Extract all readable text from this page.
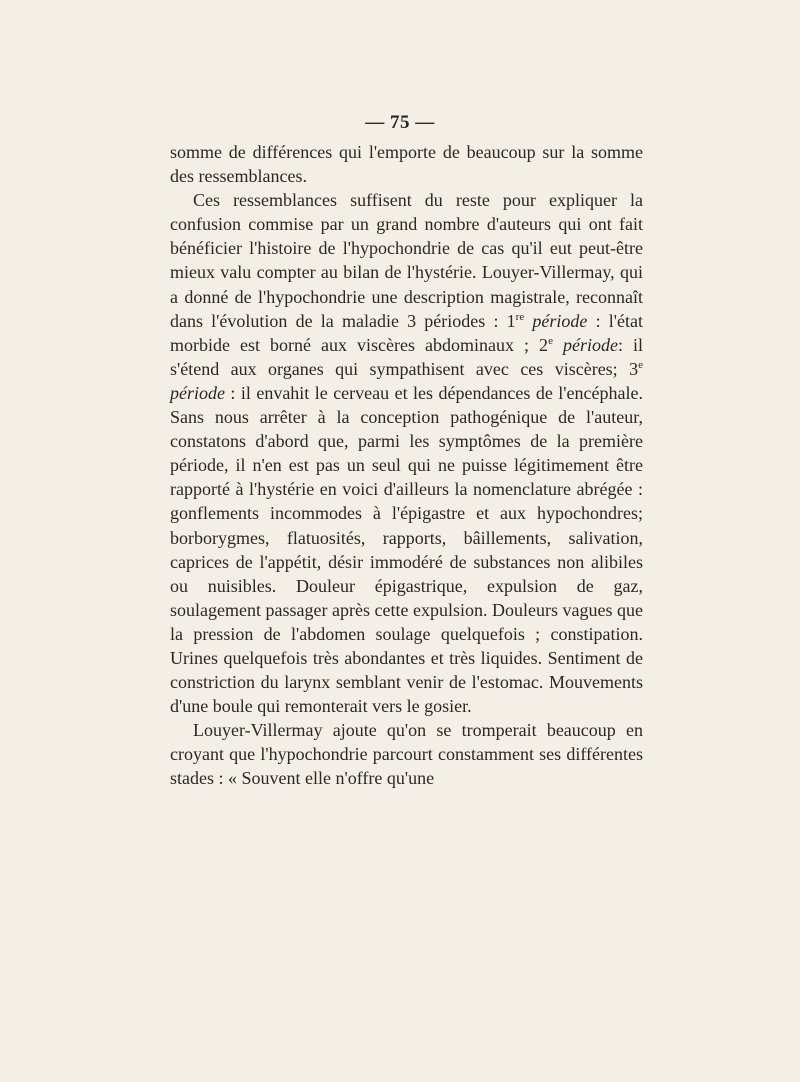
— 75 —

somme de différences qui l'emporte de beaucoup sur la somme des ressemblances.

Ces ressemblances suffisent du reste pour expliquer la confusion commise par un grand nombre d'auteurs qui ont fait bénéficier l'histoire de l'hypochondrie de cas qu'il eut peut-être mieux valu compter au bilan de l'hystérie. Louyer-Villermay, qui a donné de l'hypochondrie une description magistrale, reconnaît dans l'évolution de la maladie 3 périodes : 1re période : l'état morbide est borné aux viscères abdominaux ; 2e période: il s'étend aux organes qui sympathisent avec ces viscères; 3e période : il envahit le cerveau et les dépendances de l'encéphale. Sans nous arrêter à la conception pathogénique de l'auteur, constatons d'abord que, parmi les symptômes de la première période, il n'en est pas un seul qui ne puisse légitimement être rapporté à l'hystérie en voici d'ailleurs la nomenclature abrégée : gonflements incommodes à l'épigastre et aux hypochondres; borborygmes, flatuosités, rapports, bâillements, salivation, caprices de l'appétit, désir immodéré de substances non alibiles ou nuisibles. Douleur épigastrique, expulsion de gaz, soulagement passager après cette expulsion. Douleurs vagues que la pression de l'abdomen soulage quelquefois ; constipation. Urines quelquefois très abondantes et très liquides. Sentiment de constriction du larynx semblant venir de l'estomac. Mouvements d'une boule qui remonterait vers le gosier.

Louyer-Villermay ajoute qu'on se tromperait beaucoup en croyant que l'hypochondrie parcourt constamment ses différentes stades : « Souvent elle n'offre qu'une
